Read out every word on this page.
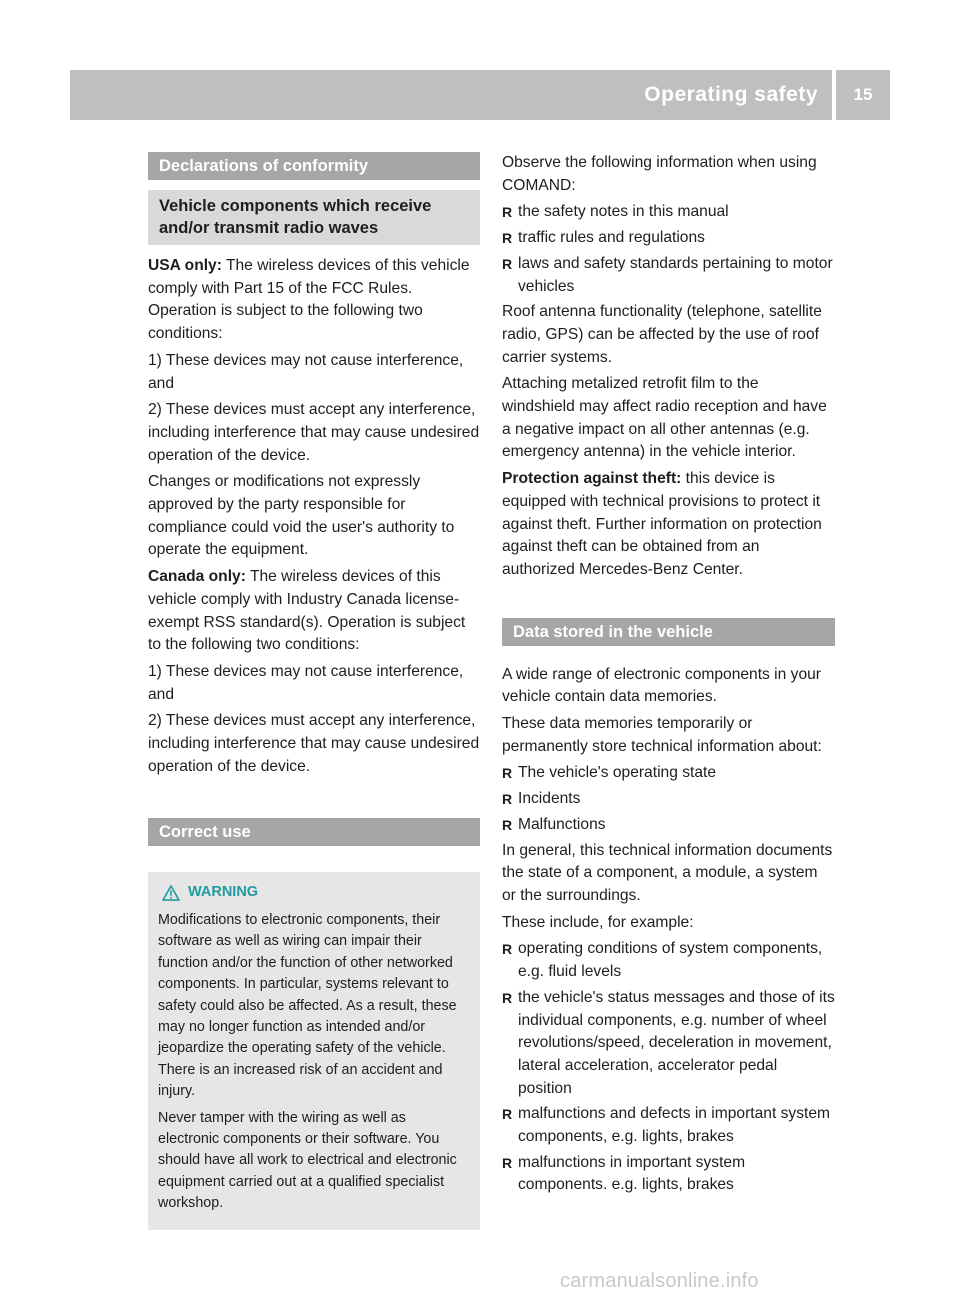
Operating safety	15
Declarations of conformity
Vehicle components which receive and/or transmit radio waves

USA only: The wireless devices of this vehicle comply with Part 15 of the FCC Rules. Operation is subject to the following two conditions:

1) These devices may not cause interference, and

2) These devices must accept any interference, including interference that may cause undesired operation of the device.

Changes or modifications not expressly approved by the party responsible for compliance could void the user's authority to operate the equipment.

Canada only: The wireless devices of this vehicle comply with Industry Canada license-exempt RSS standard(s). Operation is subject to the following two conditions:

1) These devices may not cause interference, and

2) These devices must accept any interference, including interference that may cause undesired operation of the device.

Correct use
WARNING

Modifications to electronic components, their software as well as wiring can impair their function and/or the function of other networked components. In particular, systems relevant to safety could also be affected. As a result, these may no longer function as intended and/or jeopardize the operating safety of the vehicle. There is an increased risk of an accident and injury.

Never tamper with the wiring as well as electronic components or their software. You should have all work to electrical and electronic equipment carried out at a qualified specialist workshop.

Observe the following information when using COMAND:

R the safety notes in this manual
R traffic rules and regulations
R laws and safety standards pertaining to motor vehicles

Roof antenna functionality (telephone, satellite radio, GPS) can be affected by the use of roof carrier systems.

Attaching metalized retrofit film to the windshield may affect radio reception and have a negative impact on all other antennas (e.g. emergency antenna) in the vehicle interior.

Protection against theft: this device is equipped with technical provisions to protect it against theft. Further information on protection against theft can be obtained from an authorized Mercedes-Benz Center.

Data stored in the vehicle

A wide range of electronic components in your vehicle contain data memories.

These data memories temporarily or permanently store technical information about:

R The vehicle's operating state
R Incidents
R Malfunctions

In general, this technical information documents the state of a component, a module, a system or the surroundings.

These include, for example:

R operating conditions of system components, e.g. fluid levels
R the vehicle's status messages and those of its individual components, e.g. number of wheel revolutions/speed, deceleration in movement, lateral acceleration, accelerator pedal position
R malfunctions and defects in important system components, e.g. lights, brakes
R malfunctions in important system components. e.g. lights, brakes
carmanualsonline.info
